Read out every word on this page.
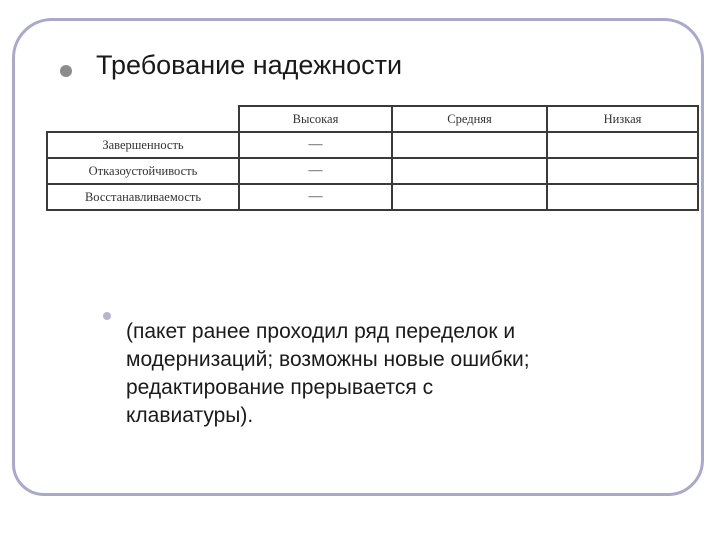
Требование надежности
	Высокая	Средняя	Низкая
Завершенность	—		
Отказоустойчивость	—		
Восстанавливаемость	—		
(пакет ранее проходил ряд переделок и
модернизаций; возможны новые ошибки;
редактирование прерывается с
клавиатуры).
